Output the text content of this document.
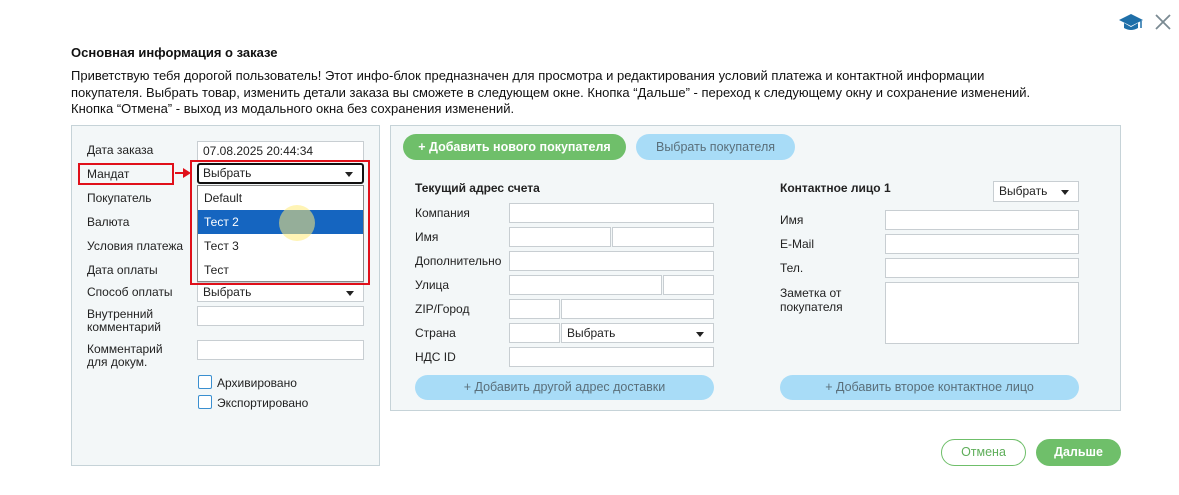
Основная информация о заказе
Приветствую тебя дорогой пользователь! Этот инфо-блок предназначен для просмотра и редактирования условий платежа и контактной информации
покупателя. Выбрать товар, изменить детали заказа вы сможете в следующем окне. Кнопка “Дальше” - переход к следующему окну и сохранение изменений.
Кнопка “Отмена” - выход из модального окна без сохранения изменений.
Дата заказа	07.08.2025 20:44:34
Мандат
Покупатель
Валюта
Условия платежа
Дата оплаты
Способ оплаты	Выбрать
Внутренний
комментарий
Комментарий
для докум.
Архивировано
Экспортировано
Выбрать
Default
Тест 2
Тест 3
Тест
+ Добавить нового покупателя	Выбрать покупателя
Текущий адрес счета
Компания
Имя
Дополнительно
Улица
ZIP/Город
Страна	Выбрать
НДС ID
+ Добавить другой адрес доставки
Контактное лицо 1	Выбрать
Имя
E-Mail
Тел.
Заметка от
покупателя
+ Добавить второе контактное лицо
Отмена	Дальше
